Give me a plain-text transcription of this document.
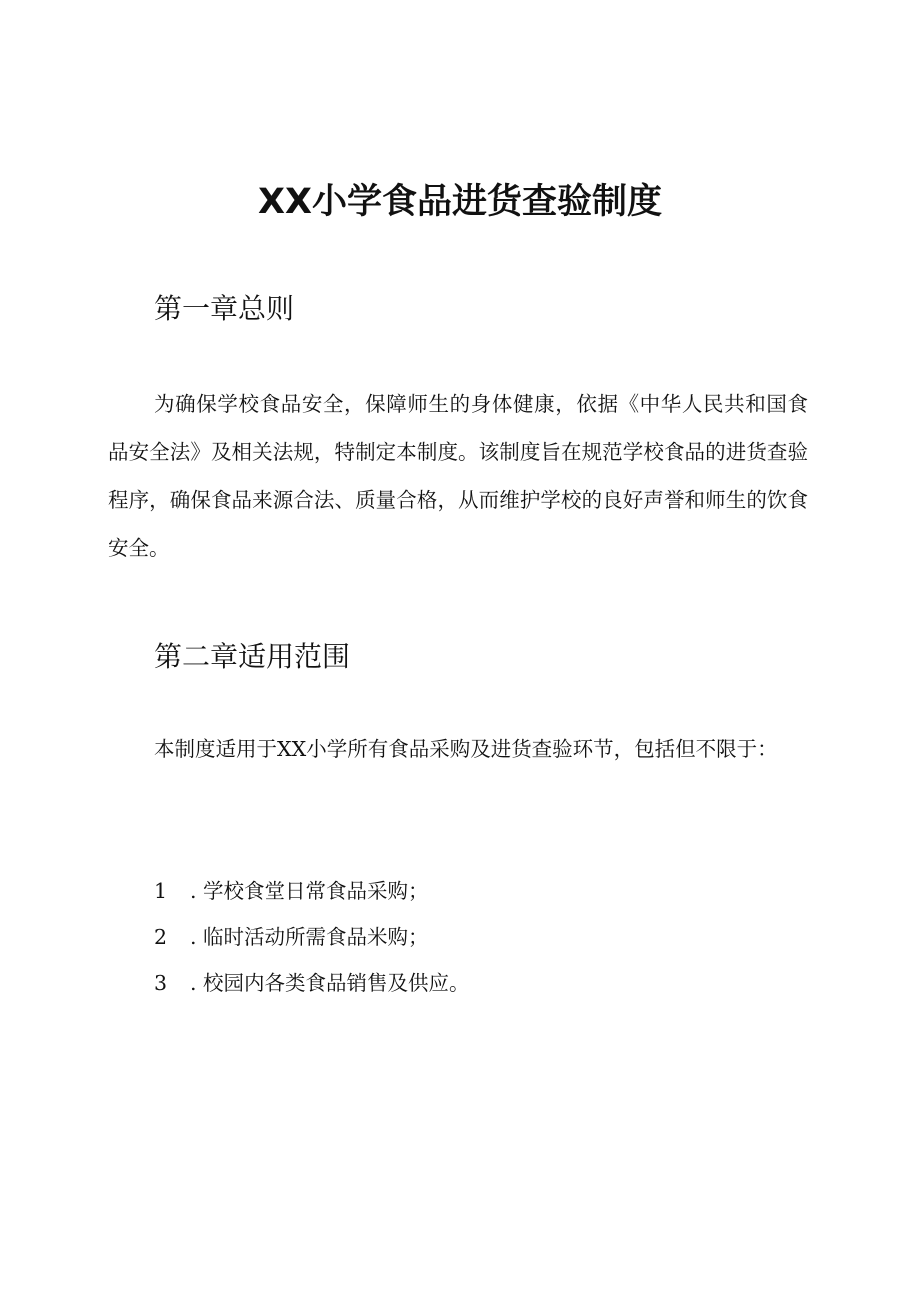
XX小学食品进货查验制度
第一章总则

为确保学校食品安全，保障师生的身体健康，依据《中华人民共和国食品安全法》及相关法规，特制定本制度。该制度旨在规范学校食品的进货查验程序，确保食品来源合法、质量合格，从而维护学校的良好声誉和师生的饮食安全。

第二章适用范围

本制度适用于XX小学所有食品采购及进货查验环节，包括但不限于：

1 . 学校食堂日常食品采购；
2 . 临时活动所需食品米购；
3 . 校园内各类食品销售及供应。
